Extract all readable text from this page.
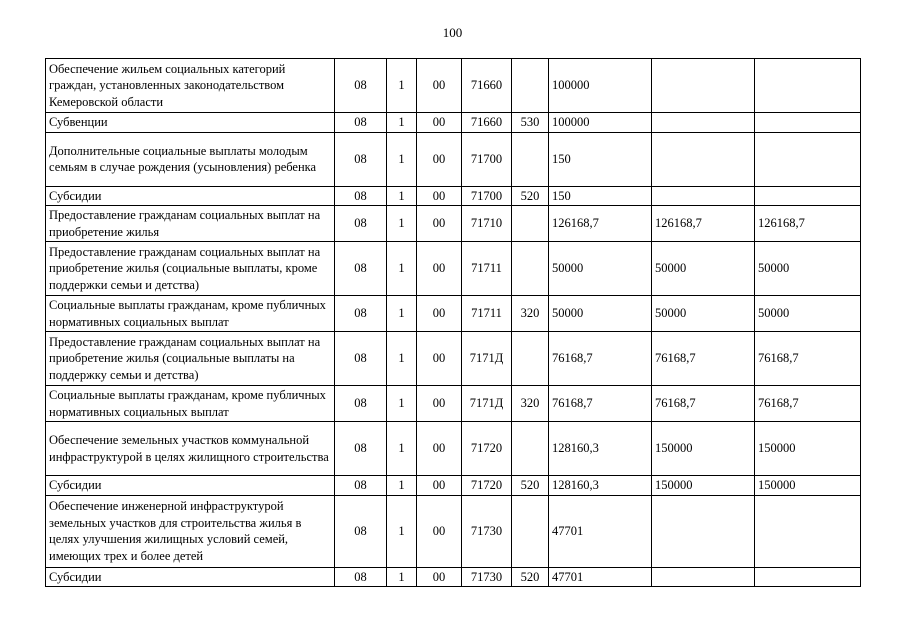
100
Обеспечение жильем социальных категорий граждан, установленных законодательством Кемеровской области	08	1	00	71660		100000		
Субвенции	08	1	00	71660	530	100000		
Дополнительные социальные выплаты молодым семьям в случае рождения (усыновления) ребенка	08	1	00	71700		150		
Субсидии	08	1	00	71700	520	150		
Предоставление гражданам социальных выплат на приобретение жилья	08	1	00	71710		126168,7	126168,7	126168,7
Предоставление гражданам социальных выплат на приобретение жилья (социальные выплаты, кроме поддержки семьи и детства)	08	1	00	71711		50000	50000	50000
Социальные выплаты гражданам, кроме публичных нормативных социальных выплат	08	1	00	71711	320	50000	50000	50000
Предоставление гражданам социальных выплат на приобретение жилья (социальные выплаты на поддержку семьи и детства)	08	1	00	7171Д		76168,7	76168,7	76168,7
Социальные выплаты гражданам, кроме публичных нормативных социальных выплат	08	1	00	7171Д	320	76168,7	76168,7	76168,7
Обеспечение земельных участков коммунальной инфраструктурой в целях жилищного строительства	08	1	00	71720		128160,3	150000	150000
Субсидии	08	1	00	71720	520	128160,3	150000	150000
Обеспечение инженерной инфраструктурой земельных участков для строительства жилья в целях улучшения жилищных условий семей, имеющих трех и более детей	08	1	00	71730		47701		
Субсидии	08	1	00	71730	520	47701		
